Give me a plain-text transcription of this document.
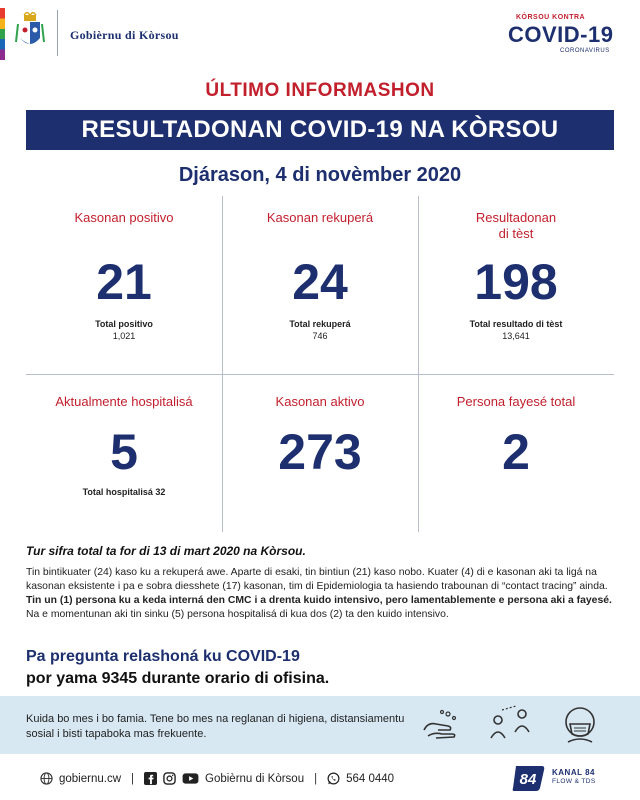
Gobièrnu di Kòrsou
KÒRSOU KONTRA
COVID-19
CORONAVIRUS
ÚLTIMO INFORMASHON
RESULTADONAN COVID-19 NA KÒRSOU
Djárason, 4 di novèmber 2020
Kasonan positivo
21
Total positivo
1,021
Kasonan rekuperá
24
Total rekuperá
746
Resultadonan
di tèst
198
Total resultado di tèst
13,641
Aktualmente hospitalisá
5
Total hospitalisá 32
Kasonan aktivo
273
Persona fayesé total
2
Tur sifra total ta for di 13 di mart 2020 na Kòrsou.
Tin bintikuater (24) kaso ku a rekuperá awe. Aparte di esaki, tin bintiun (21) kaso nobo. Kuater (4) di e kasonan aki ta ligá na kasonan eksistente i pa e sobra diesshete (17) kasonan, tim di Epidemiologia ta hasiendo trabounan di “contact tracing” ainda. Tin un (1) persona ku a keda interná den CMC i a drenta kuido intensivo, pero lamentablemente e persona aki a fayesé. Na e momentunan aki tin sinku (5) persona hospitalisá di kua dos (2) ta den kuido intensivo.
Pa pregunta relashoná ku COVID-19
por yama 9345 durante orario di ofisina.
Kuida bo mes i bo famia. Tene bo mes na reglanan di higiena, distansiamentu sosial i bisti tapaboka mas frekuente.
gobiernu.cw |	Gobièrnu di Kòrsou |	564 0440	84 KANAL 84
FLOW & TDS
